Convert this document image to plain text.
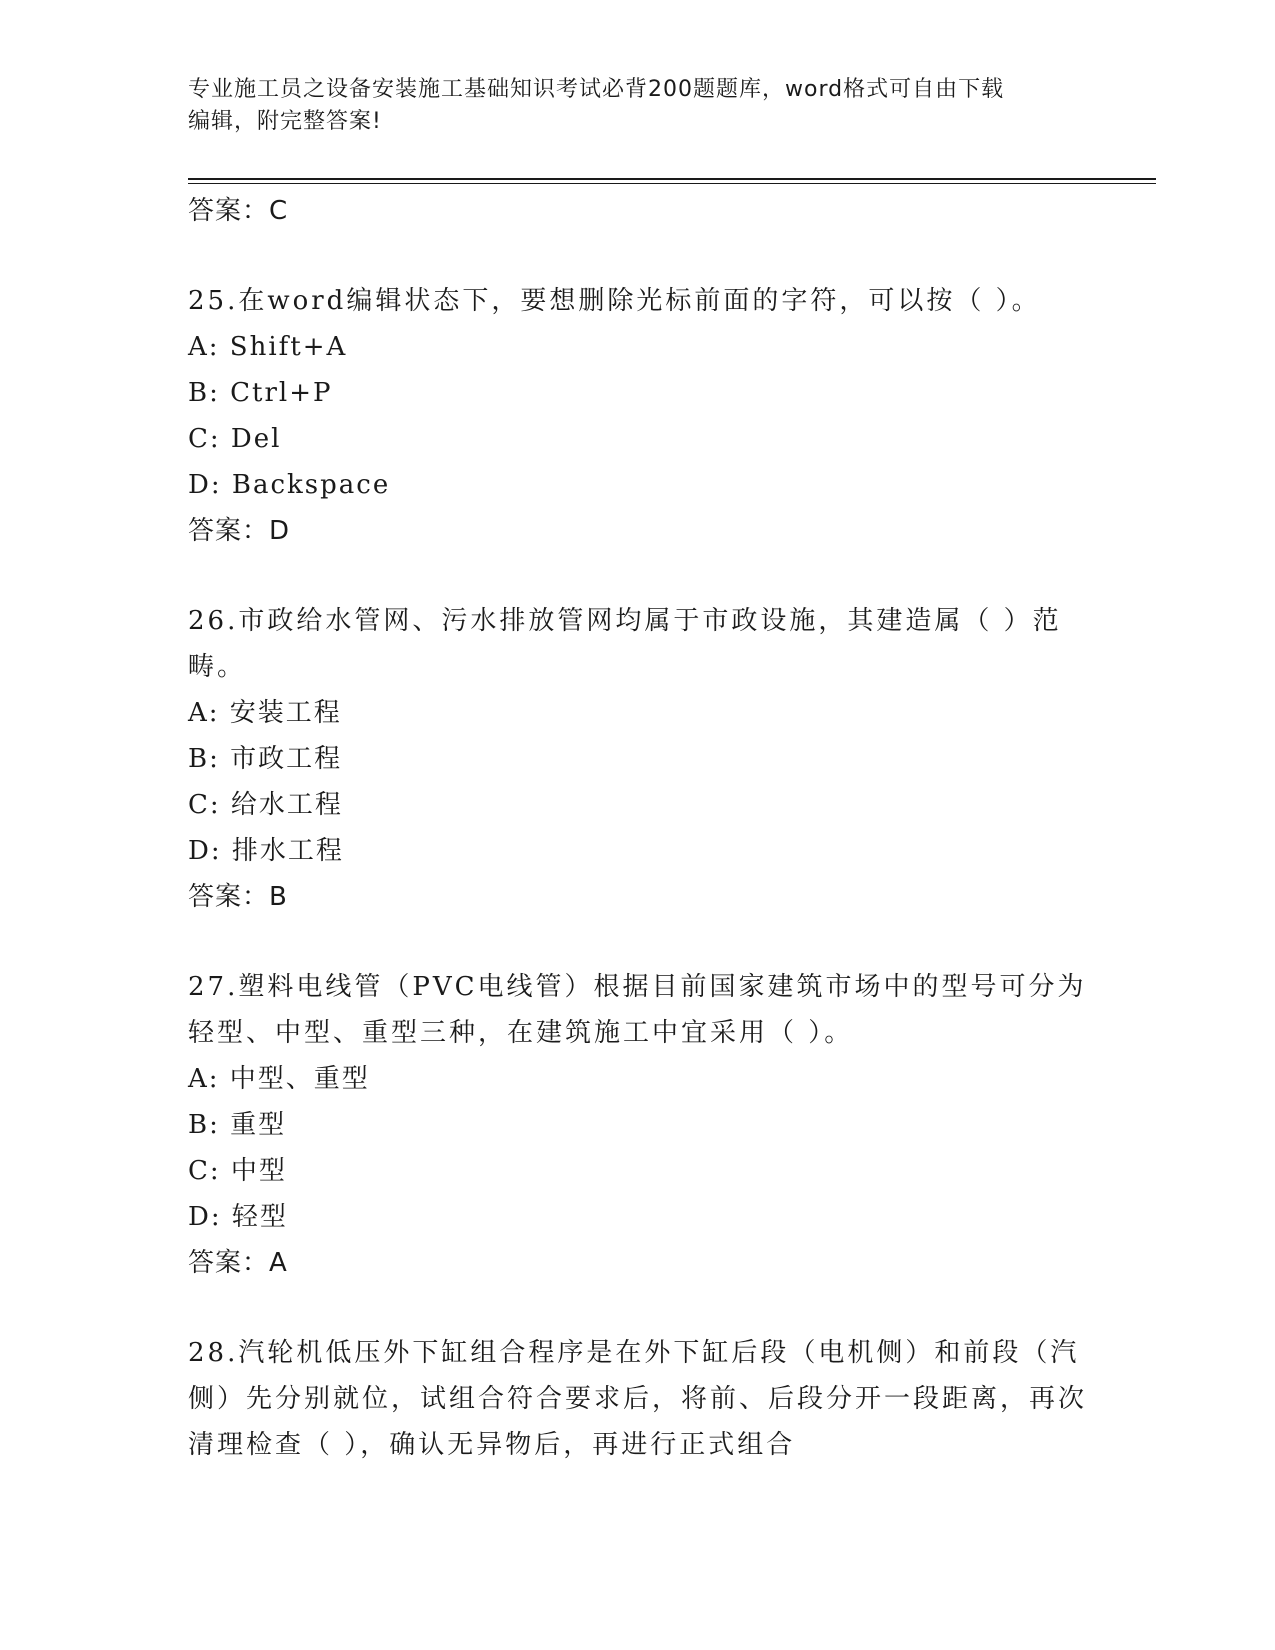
专业施工员之设备安装施工基础知识考试必背200题题库，word格式可自由下载
编辑，附完整答案!

答案：C

25.在word编辑状态下，要想删除光标前面的字符，可以按（ ）。

A: Shift+A

B: Ctrl+P

C: Del

D: Backspace

答案：D

26.市政给水管网、污水排放管网均属于市政设施，其建造属（ ）范畴。

A: 安装工程

B: 市政工程

C: 给水工程

D: 排水工程

答案：B

27.塑料电线管（PVC电线管）根据目前国家建筑市场中的型号可分为轻型、中型、重型三种，在建筑施工中宜采用（ ）。

A: 中型、重型

B: 重型

C: 中型

D: 轻型

答案：A

28.汽轮机低压外下缸组合程序是在外下缸后段（电机侧）和前段（汽侧）先分别就位，试组合符合要求后，将前、后段分开一段距离，再次清理检查（ ），确认无异物后，再进行正式组合
